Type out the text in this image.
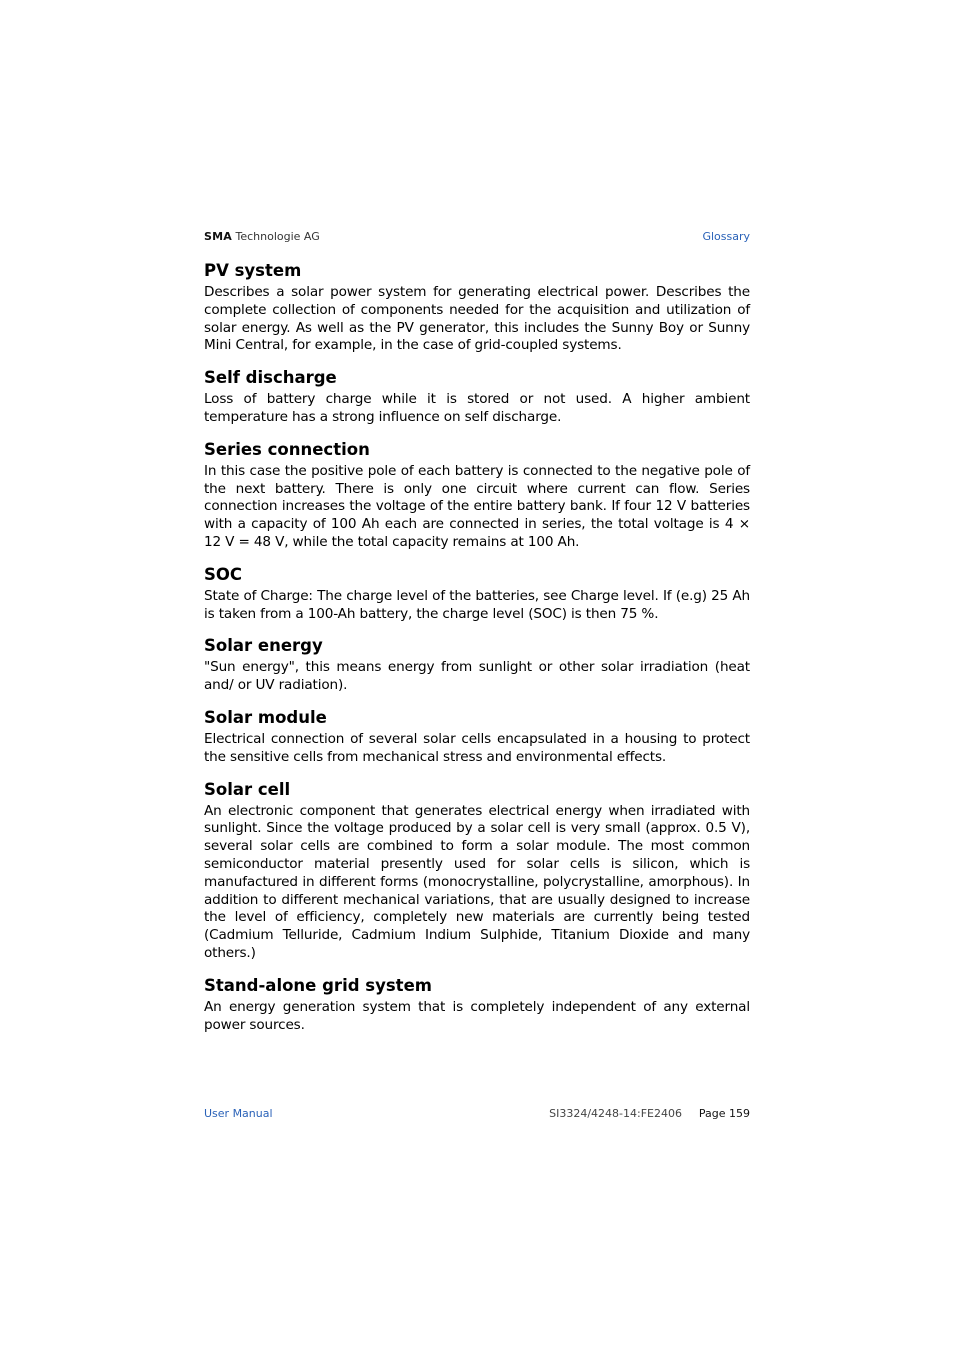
SMA Technologie AG	Glossary
PV system

Describes a solar power system for generating electrical power. Describes the complete collection of components needed for the acquisition and utilization of solar energy. As well as the PV generator, this includes the Sunny Boy or Sunny Mini Central, for example, in the case of grid-coupled systems.

Self discharge

Loss of battery charge while it is stored or not used. A higher ambient temperature has a strong influence on self discharge.

Series connection

In this case the positive pole of each battery is connected to the negative pole of the next battery. There is only one circuit where current can flow. Series connection increases the voltage of the entire battery bank. If four 12 V batteries with a capacity of 100 Ah each are connected in series, the total voltage is 4 × 12 V = 48 V, while the total capacity remains at 100 Ah.

SOC

State of Charge: The charge level of the batteries, see Charge level. If (e.g) 25 Ah is taken from a 100-Ah battery, the charge level (SOC) is then 75 %.

Solar energy

"Sun energy", this means energy from sunlight or other solar irradiation (heat and/ or UV radiation).

Solar module

Electrical connection of several solar cells encapsulated in a housing to protect the sensitive cells from mechanical stress and environmental effects.

Solar cell

An electronic component that generates electrical energy when irradiated with sunlight. Since the voltage produced by a solar cell is very small (approx. 0.5 V), several solar cells are combined to form a solar module. The most common semiconductor material presently used for solar cells is silicon, which is manufactured in different forms (monocrystalline, polycrystalline, amorphous). In addition to different mechanical variations, that are usually designed to increase the level of efficiency, completely new materials are currently being tested (Cadmium Telluride, Cadmium Indium Sulphide, Titanium Dioxide and many others.)

Stand-alone grid system

An energy generation system that is completely independent of any external power sources.

User Manual	SI3324/4248-14:FE2406 Page 159
